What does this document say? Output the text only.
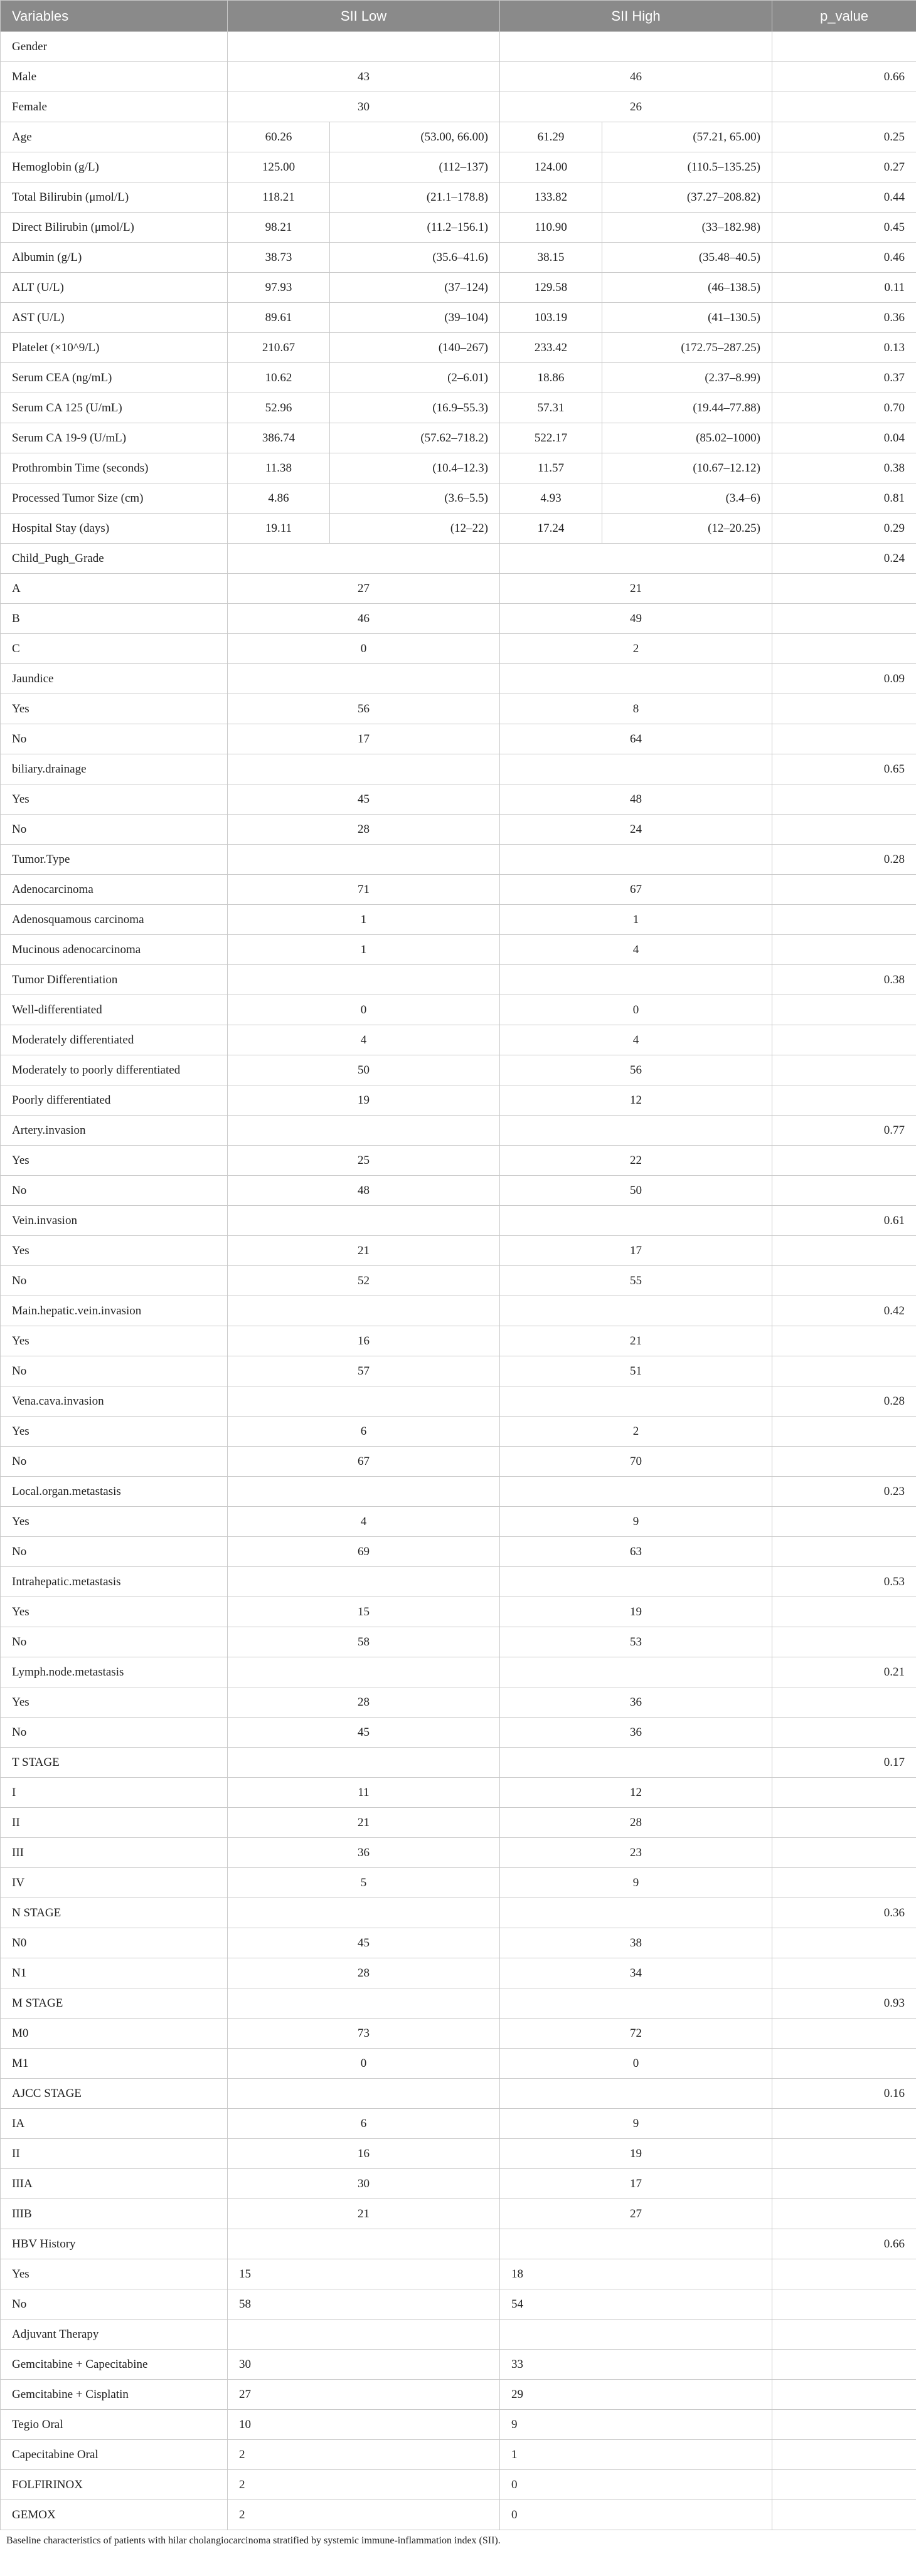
Variables	SII Low		SII High		p_value
Gender					
Male	43		46		0.66
Female	30		26		
Age	60.26	(53.00, 66.00)	61.29	(57.21, 65.00)	0.25
Hemoglobin (g/L)	125.00	(112–137)	124.00	(110.5–135.25)	0.27
Total Bilirubin (μmol/L)	118.21	(21.1–178.8)	133.82	(37.27–208.82)	0.44
Direct Bilirubin (μmol/L)	98.21	(11.2–156.1)	110.90	(33–182.98)	0.45
Albumin (g/L)	38.73	(35.6–41.6)	38.15	(35.48–40.5)	0.46
ALT (U/L)	97.93	(37–124)	129.58	(46–138.5)	0.11
AST (U/L)	89.61	(39–104)	103.19	(41–130.5)	0.36
Platelet (×10^9/L)	210.67	(140–267)	233.42	(172.75–287.25)	0.13
Serum CEA (ng/mL)	10.62	(2–6.01)	18.86	(2.37–8.99)	0.37
Serum CA 125 (U/mL)	52.96	(16.9–55.3)	57.31	(19.44–77.88)	0.70
Serum CA 19-9 (U/mL)	386.74	(57.62–718.2)	522.17	(85.02–1000)	0.04
Prothrombin Time (seconds)	11.38	(10.4–12.3)	11.57	(10.67–12.12)	0.38
Processed Tumor Size (cm)	4.86	(3.6–5.5)	4.93	(3.4–6)	0.81
Hospital Stay (days)	19.11	(12–22)	17.24	(12–20.25)	0.29
Child_Pugh_Grade					0.24
A	27		21		
B	46		49		
C	0		2		
Jaundice					0.09
Yes	56		8		
No	17		64		
biliary.drainage					0.65
Yes	45		48		
No	28		24		
Tumor.Type					0.28
Adenocarcinoma	71		67		
Adenosquamous carcinoma	1		1		
Mucinous adenocarcinoma	1		4		
Tumor Differentiation					0.38
Well-differentiated	0		0		
Moderately differentiated	4		4		
Moderately to poorly differentiated	50		56		
Poorly differentiated	19		12		
Artery.invasion					0.77
Yes	25		22		
No	48		50		
Vein.invasion					0.61
Yes	21		17		
No	52		55		
Main.hepatic.vein.invasion					0.42
Yes	16		21		
No	57		51		
Vena.cava.invasion					0.28
Yes	6		2		
No	67		70		
Local.organ.metastasis					0.23
Yes	4		9		
No	69		63		
Intrahepatic.metastasis					0.53
Yes	15		19		
No	58		53		
Lymph.node.metastasis					0.21
Yes	28		36		
No	45		36		
T STAGE					0.17
I	11		12		
II	21		28		
III	36		23		
IV	5		9		
N STAGE					0.36
N0	45		38		
N1	28		34		
M STAGE					0.93
M0	73		72		
M1	0		0		
AJCC STAGE					0.16
IA	6		9		
II	16		19		
IIIA	30		17		
IIIB	21		27		
HBV History					0.66
Yes	15		18		
No	58		54		
Adjuvant Therapy					
Gemcitabine + Capecitabine	30		33		
Gemcitabine + Cisplatin	27		29		
Tegio Oral	10		9		
Capecitabine Oral	2		1		
FOLFIRINOX	2		0		
GEMOX	2		0		
Baseline characteristics of patients with hilar cholangiocarcinoma stratified by systemic immune-inflammation index (SII).
